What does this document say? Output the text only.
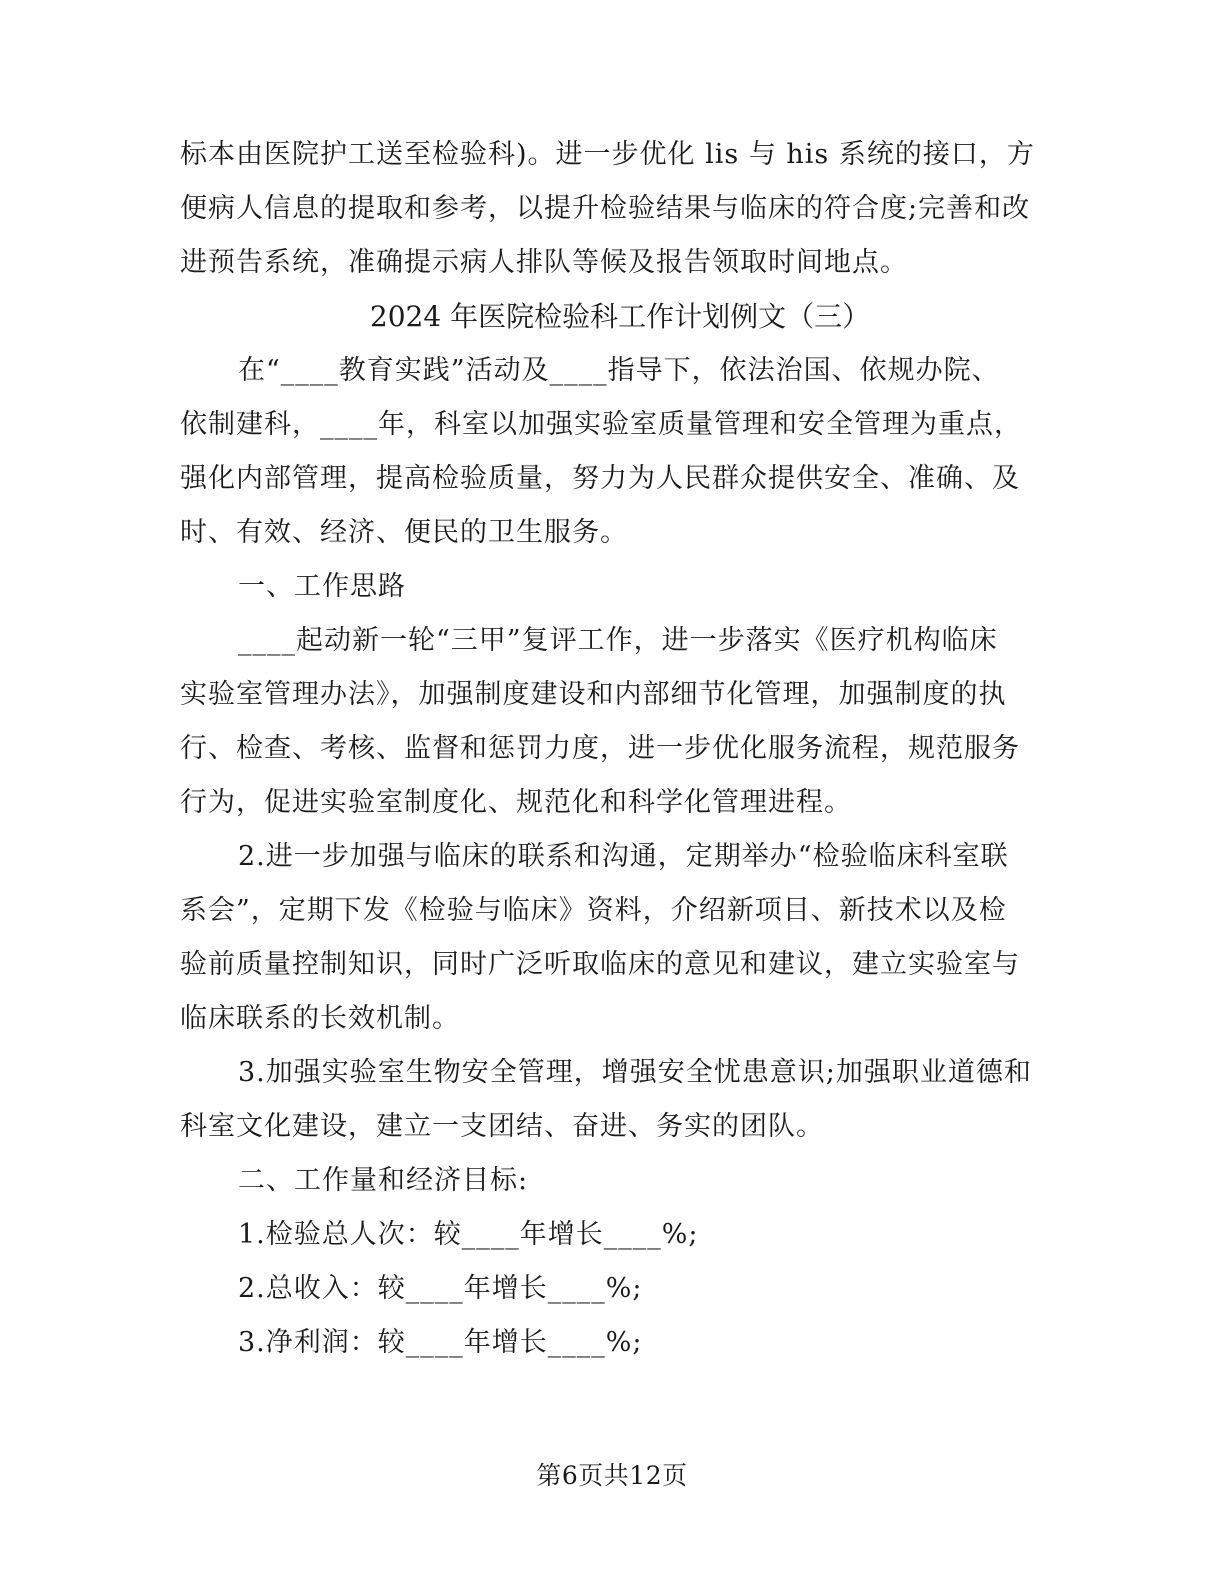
标本由医院护工送至检验科)。进一步优化 lis 与 his 系统的接口，方
便病人信息的提取和参考，以提升检验结果与临床的符合度;完善和改
进预告系统，准确提示病人排队等候及报告领取时间地点。
2024 年医院检验科工作计划例文（三）
在“____教育实践”活动及____指导下，依法治国、依规办院、
依制建科，____年，科室以加强实验室质量管理和安全管理为重点，
强化内部管理，提高检验质量，努力为人民群众提供安全、准确、及
时、有效、经济、便民的卫生服务。
一、工作思路
____起动新一轮“三甲”复评工作，进一步落实《医疗机构临床
实验室管理办法》，加强制度建设和内部细节化管理，加强制度的执
行、检查、考核、监督和惩罚力度，进一步优化服务流程，规范服务
行为，促进实验室制度化、规范化和科学化管理进程。
2.进一步加强与临床的联系和沟通，定期举办“检验临床科室联
系会”，定期下发《检验与临床》资料，介绍新项目、新技术以及检
验前质量控制知识，同时广泛听取临床的意见和建议，建立实验室与
临床联系的长效机制。
3.加强实验室生物安全管理，增强安全忧患意识;加强职业道德和
科室文化建设，建立一支团结、奋进、务实的团队。
二、工作量和经济目标:
1.检验总人次：较____年增长____%;
2.总收入：较____年增长____%;
3.净利润：较____年增长____%;
第6页共12页
